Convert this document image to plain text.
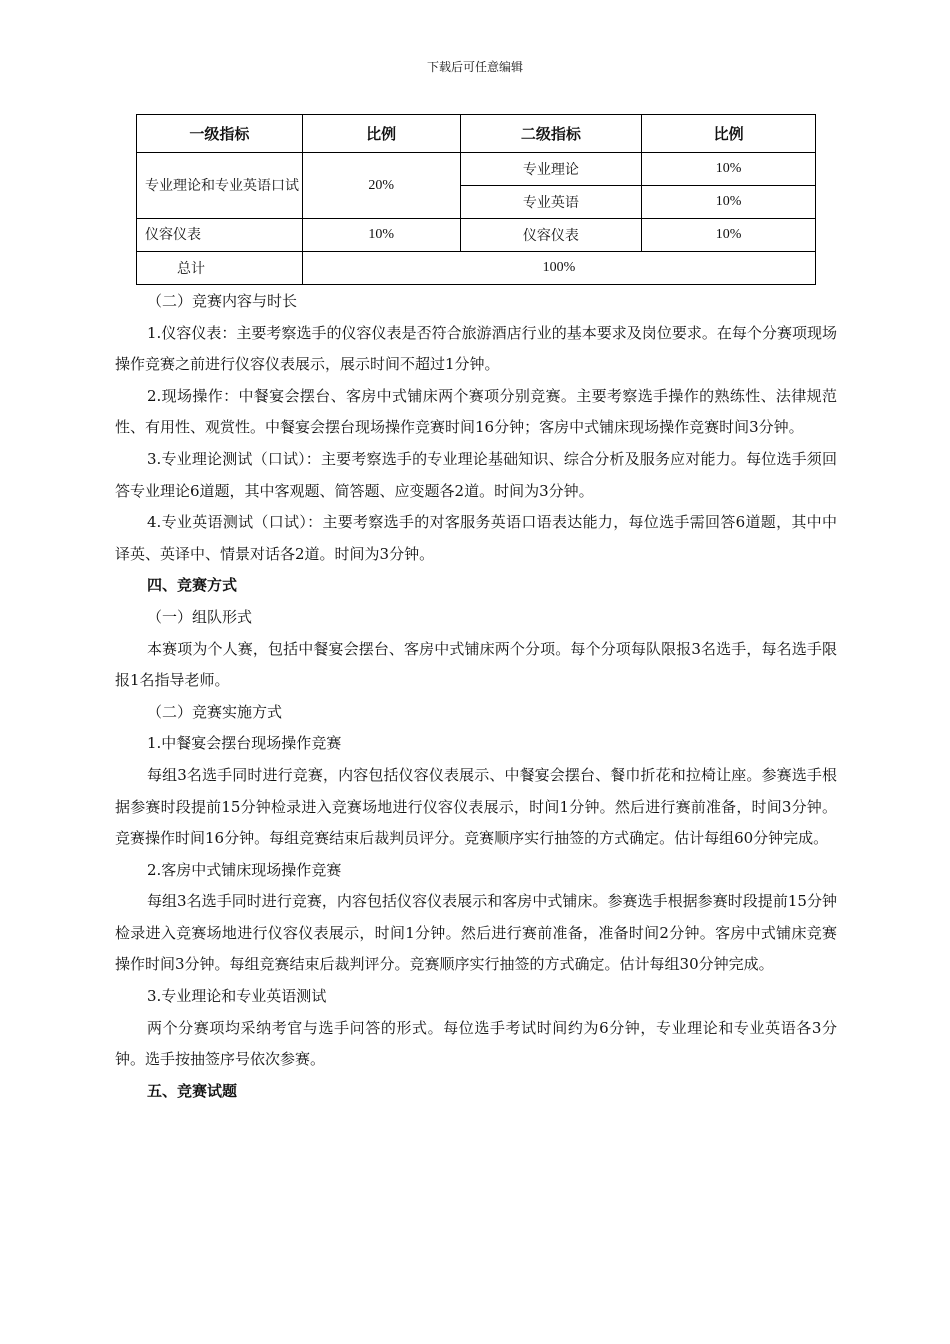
下载后可任意编辑
一级指标	比例	二级指标	比例
专业理论和专业英语口试	20%	专业理论	10%
		专业英语	10%
仪容仪表	10%	仪容仪表	10%
总计	100%		

（二）竞赛内容与时长

1.仪容仪表：主要考察选手的仪容仪表是否符合旅游酒店行业的基本要求及岗位要求。在每个分赛项现场操作竞赛之前进行仪容仪表展示，展示时间不超过1分钟。

2.现场操作：中餐宴会摆台、客房中式铺床两个赛项分别竞赛。主要考察选手操作的熟练性、法律规范性、有用性、观赏性。中餐宴会摆台现场操作竞赛时间16分钟；客房中式铺床现场操作竞赛时间3分钟。

3.专业理论测试（口试）：主要考察选手的专业理论基础知识、综合分析及服务应对能力。每位选手须回答专业理论6道题，其中客观题、简答题、应变题各2道。时间为3分钟。

4.专业英语测试（口试）：主要考察选手的对客服务英语口语表达能力，每位选手需回答6道题，其中中译英、英译中、情景对话各2道。时间为3分钟。

四、竞赛方式

（一）组队形式

本赛项为个人赛，包括中餐宴会摆台、客房中式铺床两个分项。每个分项每队限报3名选手，每名选手限报1名指导老师。

（二）竞赛实施方式

1.中餐宴会摆台现场操作竞赛

每组3名选手同时进行竞赛，内容包括仪容仪表展示、中餐宴会摆台、餐巾折花和拉椅让座。参赛选手根据参赛时段提前15分钟检录进入竞赛场地进行仪容仪表展示，时间1分钟。然后进行赛前准备，时间3分钟。竞赛操作时间16分钟。每组竞赛结束后裁判员评分。竞赛顺序实行抽签的方式确定。估计每组60分钟完成。

2.客房中式铺床现场操作竞赛

每组3名选手同时进行竞赛，内容包括仪容仪表展示和客房中式铺床。参赛选手根据参赛时段提前15分钟检录进入竞赛场地进行仪容仪表展示，时间1分钟。然后进行赛前准备，准备时间2分钟。客房中式铺床竞赛操作时间3分钟。每组竞赛结束后裁判评分。竞赛顺序实行抽签的方式确定。估计每组30分钟完成。

3.专业理论和专业英语测试

两个分赛项均采纳考官与选手问答的形式。每位选手考试时间约为6分钟，专业理论和专业英语各3分钟。选手按抽签序号依次参赛。

五、竞赛试题
